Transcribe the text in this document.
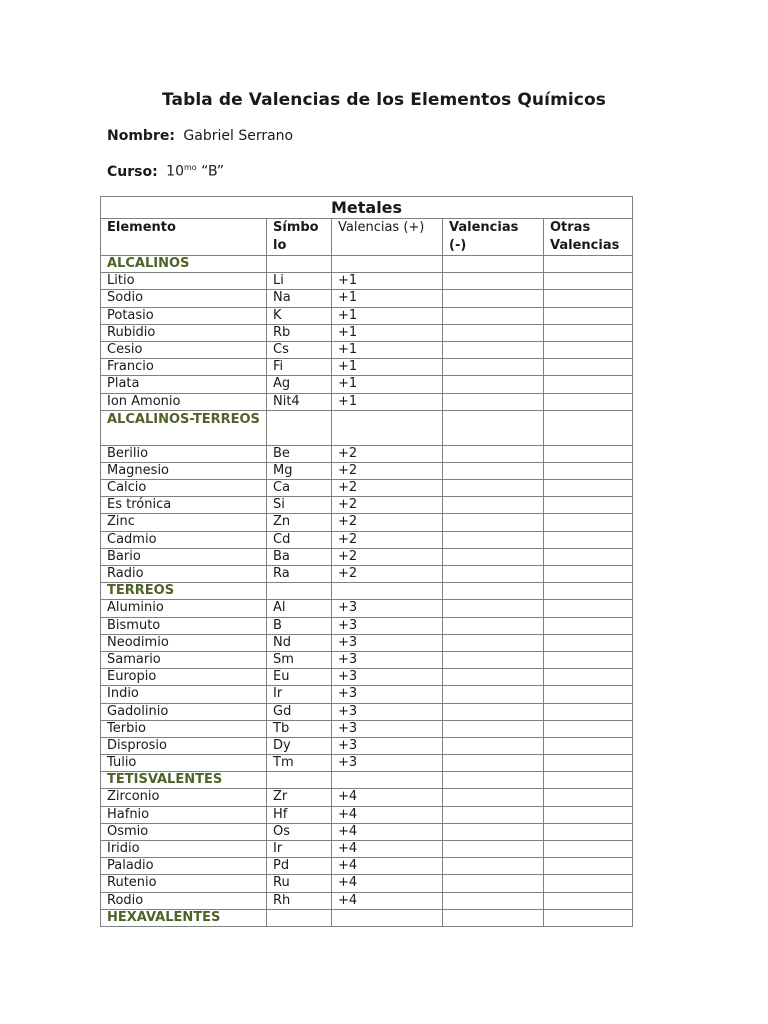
Tabla de Valencias de los Elementos Químicos
Nombre: Gabriel Serrano
Curso: $10^{mo}$ “B”
Metales				
Elemento	Símbo lo	Valencias (+)	Valencias (-)	Otras Valencias
ALCALINOS				
Litio	Li	+1		
Sodio	Na	+1		
Potasio	K	+1		
Rubidio	Rb	+1		
Cesio	Cs	+1		
Francio	Fi	+1		
Plata	Ag	+1		
Ion Amonio	Nit4	+1		
ALCALINOS-TERREOS				
Berilio	Be	+2		
Magnesio	Mg	+2		
Calcio	Ca	+2		
Es trónica	Si	+2		
Zinc	Zn	+2		
Cadmio	Cd	+2		
Bario	Ba	+2		
Radio	Ra	+2		
TERREOS				
Aluminio	Al	+3		
Bismuto	B	+3		
Neodimio	Nd	+3		
Samario	Sm	+3		
Europio	Eu	+3		
Indio	Ir	+3		
Gadolinio	Gd	+3		
Terbio	Tb	+3		
Disprosio	Dy	+3		
Tulio	Tm	+3		
TETISVALENTES				
Zirconio	Zr	+4		
Hafnio	Hf	+4		
Osmio	Os	+4		
Iridio	Ir	+4		
Paladio	Pd	+4		
Rutenio	Ru	+4		
Rodio	Rh	+4		
HEXAVALENTES				
